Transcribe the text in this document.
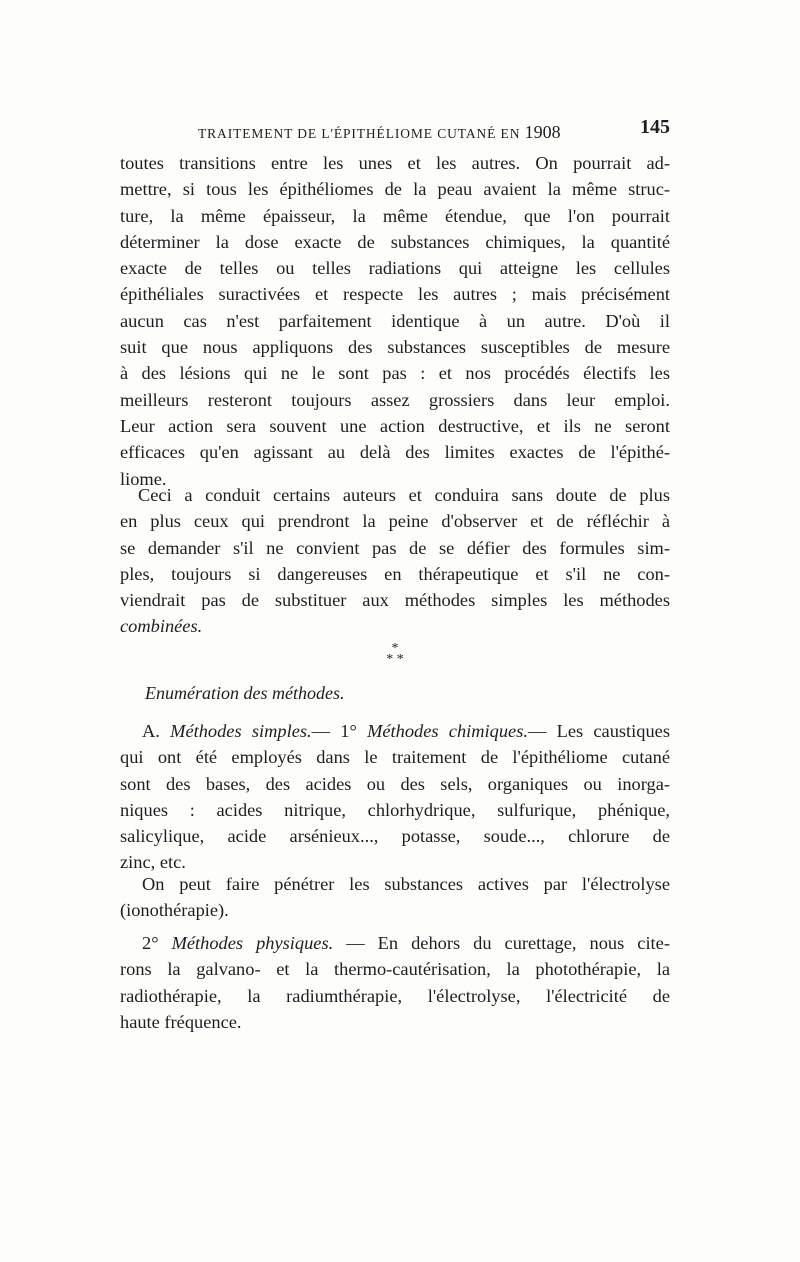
TRAITEMENT DE L'ÉPITHÉLIOME CUTANÉ EN 1908	145
toutes transitions entre les unes et les autres. On pourrait ad-
mettre, si tous les épithéliomes de la peau avaient la même struc-
ture, la même épaisseur, la même étendue, que l'on pourrait
déterminer la dose exacte de substances chimiques, la quantité
exacte de telles ou telles radiations qui atteigne les cellules
épithéliales suractivées et respecte les autres ; mais précisément
aucun cas n'est parfaitement identique à un autre. D'où il
suit que nous appliquons des substances susceptibles de mesure
à des lésions qui ne le sont pas : et nos procédés électifs les
meilleurs resteront toujours assez grossiers dans leur emploi.
Leur action sera souvent une action destructive, et ils ne seront
efficaces qu'en agissant au delà des limites exactes de l'épithé-
liome.
Ceci a conduit certains auteurs et conduira sans doute de plus
en plus ceux qui prendront la peine d'observer et de réfléchir à
se demander s'il ne convient pas de se défier des formules sim-
ples, toujours si dangereuses en thérapeutique et s'il ne con-
viendrait pas de substituer aux méthodes simples les méthodes
combinées.
*
* *
Enumération des méthodes.
A. Méthodes simples.— 1° Méthodes chimiques.— Les caustiques
qui ont été employés dans le traitement de l'épithéliome cutané
sont des bases, des acides ou des sels, organiques ou inorga-
niques : acides nitrique, chlorhydrique, sulfurique, phénique,
salicylique, acide arsénieux..., potasse, soude..., chlorure de
zinc, etc.
On peut faire pénétrer les substances actives par l'électrolyse
(ionothérapie).
2° Méthodes physiques. — En dehors du curettage, nous cite-
rons la galvano- et la thermo-cautérisation, la photothérapie, la
radiothérapie, la radiumthérapie, l'électrolyse, l'électricité de
haute fréquence.
